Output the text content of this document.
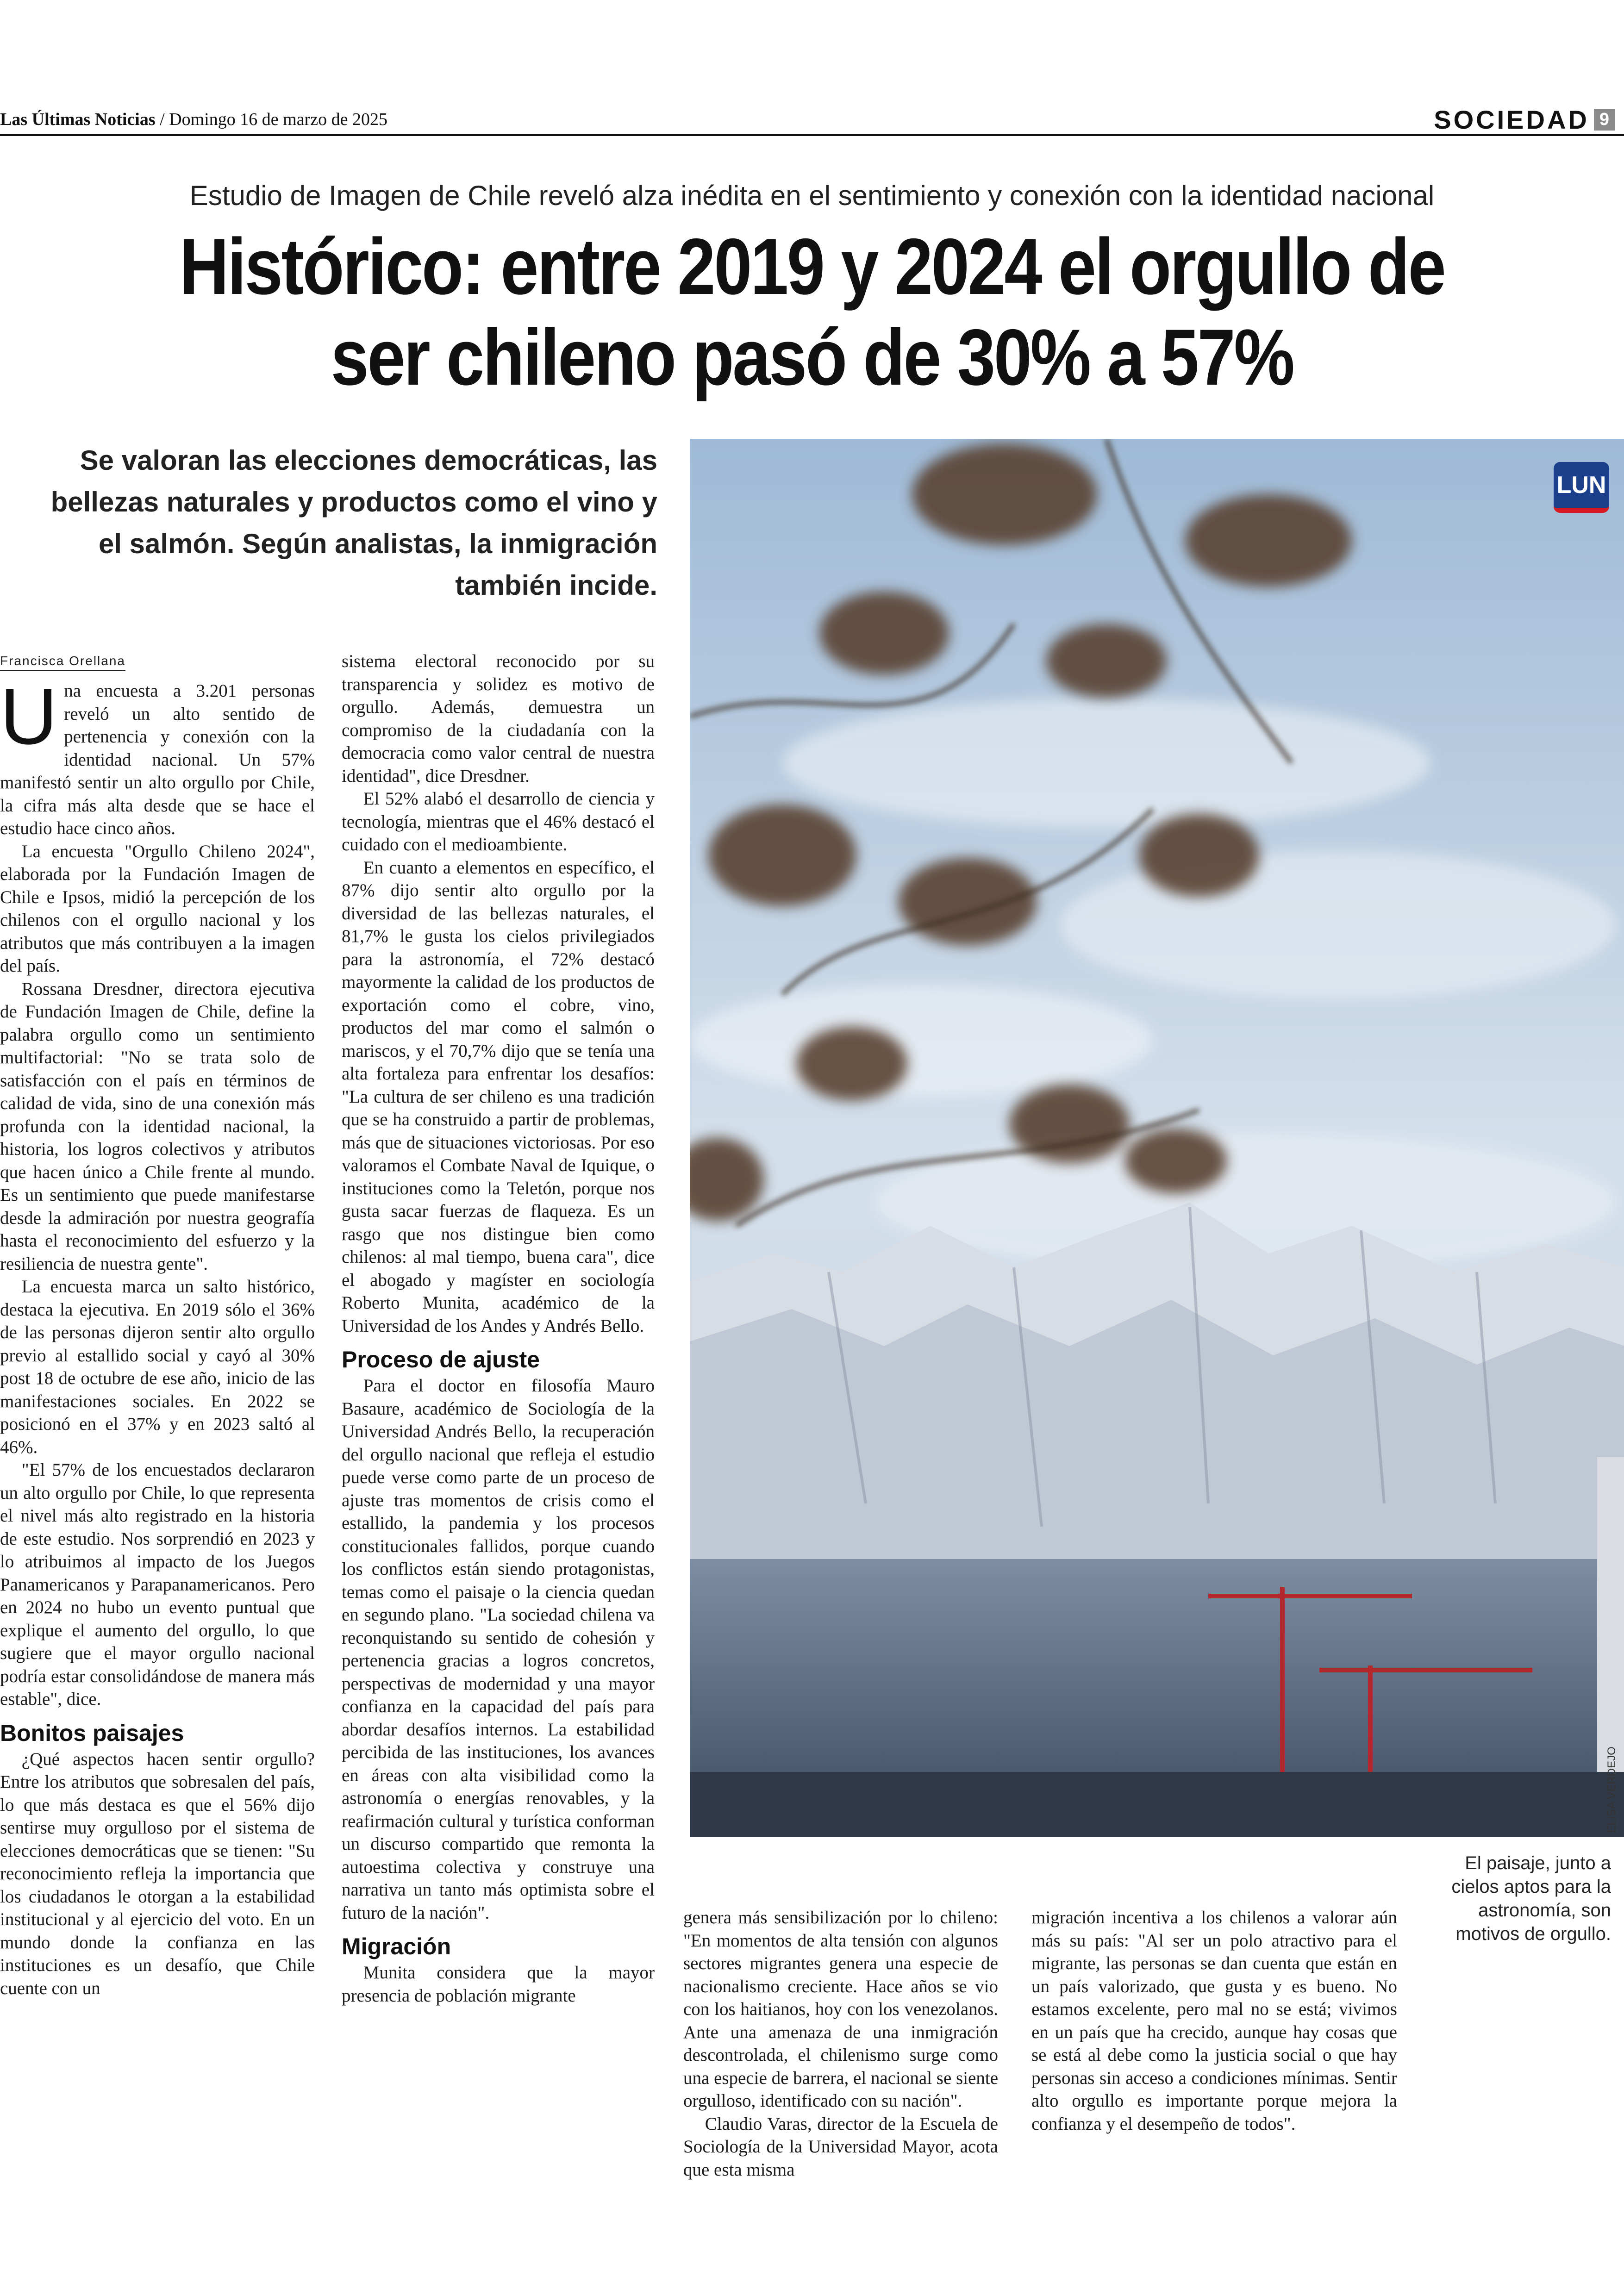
Las Últimas Noticias / Domingo 16 de marzo de 2025	SOCIEDAD 9
Estudio de Imagen de Chile reveló alza inédita en el sentimiento y conexión con la identidad nacional
Histórico: entre 2019 y 2024 el orgullo de
ser chileno pasó de 30% a 57%
Se valoran las elecciones democráticas, las bellezas naturales y productos como el vino y el salmón. Según analistas, la inmigración también incide.
Francisca Orellana

Una encuesta a 3.201 personas reveló un alto sentido de pertenencia y conexión con la identidad nacional. Un 57% manifestó sentir un alto orgullo por Chile, la cifra más alta desde que se hace el estudio hace cinco años.

La encuesta "Orgullo Chileno 2024", elaborada por la Fundación Imagen de Chile e Ipsos, midió la percepción de los chilenos con el orgullo nacional y los atributos que más contribuyen a la imagen del país.

Rossana Dresdner, directora ejecutiva de Fundación Imagen de Chile, define la palabra orgullo como un sentimiento multifactorial: "No se trata solo de satisfacción con el país en términos de calidad de vida, sino de una conexión más profunda con la identidad nacional, la historia, los logros colectivos y atributos que hacen único a Chile frente al mundo. Es un sentimiento que puede manifestarse desde la admiración por nuestra geografía hasta el reconocimiento del esfuerzo y la resiliencia de nuestra gente".

La encuesta marca un salto histórico, destaca la ejecutiva. En 2019 sólo el 36% de las personas dijeron sentir alto orgullo previo al estallido social y cayó al 30% post 18 de octubre de ese año, inicio de las manifestaciones sociales. En 2022 se posicionó en el 37% y en 2023 saltó al 46%.

"El 57% de los encuestados declararon un alto orgullo por Chile, lo que representa el nivel más alto registrado en la historia de este estudio. Nos sorprendió en 2023 y lo atribuimos al impacto de los Juegos Panamericanos y Parapanamericanos. Pero en 2024 no hubo un evento puntual que explique el aumento del orgullo, lo que sugiere que el mayor orgullo nacional podría estar consolidándose de manera más estable", dice.

Bonitos paisajes

¿Qué aspectos hacen sentir orgullo? Entre los atributos que sobresalen del país, lo que más destaca es que el 56% dijo sentirse muy orgulloso por el sistema de elecciones democráticas que se tienen: "Su reconocimiento refleja la importancia que los ciudadanos le otorgan a la estabilidad institucional y al ejercicio del voto. En un mundo donde la confianza en las instituciones es un desafío, que Chile cuente con un

sistema electoral reconocido por su transparencia y solidez es motivo de orgullo. Además, demuestra un compromiso de la ciudadanía con la democracia como valor central de nuestra identidad", dice Dresdner.

El 52% alabó el desarrollo de ciencia y tecnología, mientras que el 46% destacó el cuidado con el medioambiente.

En cuanto a elementos en específico, el 87% dijo sentir alto orgullo por la diversidad de las bellezas naturales, el 81,7% le gusta los cielos privilegiados para la astronomía, el 72% destacó mayormente la calidad de los productos de exportación como el cobre, vino, productos del mar como el salmón o mariscos, y el 70,7% dijo que se tenía una alta fortaleza para enfrentar los desafíos: "La cultura de ser chileno es una tradición que se ha construido a partir de problemas, más que de situaciones victoriosas. Por eso valoramos el Combate Naval de Iquique, o instituciones como la Teletón, porque nos gusta sacar fuerzas de flaqueza. Es un rasgo que nos distingue bien como chilenos: al mal tiempo, buena cara", dice el abogado y magíster en sociología Roberto Munita, académico de la Universidad de los Andes y Andrés Bello.

Proceso de ajuste

Para el doctor en filosofía Mauro Basaure, académico de Sociología de la Universidad Andrés Bello, la recuperación del orgullo nacional que refleja el estudio puede verse como parte de un proceso de ajuste tras momentos de crisis como el estallido, la pandemia y los procesos constitucionales fallidos, porque cuando los conflictos están siendo protagonistas, temas como el paisaje o la ciencia quedan en segundo plano. "La sociedad chilena va reconquistando su sentido de cohesión y pertenencia gracias a logros concretos, perspectivas de modernidad y una mayor confianza en la capacidad del país para abordar desafíos internos. La estabilidad percibida de las instituciones, los avances en áreas con alta visibilidad como la astronomía o energías renovables, y la reafirmación cultural y turística conforman un discurso compartido que remonta la autoestima colectiva y construye una narrativa un tanto más optimista sobre el futuro de la nación".

Migración

Munita considera que la mayor presencia de población migrante

genera más sensibilización por lo chileno: "En momentos de alta tensión con algunos sectores migrantes genera una especie de nacionalismo creciente. Hace años se vio con los haitianos, hoy con los venezolanos. Ante una amenaza de una inmigración descontrolada, el chilenismo surge como una especie de barrera, el nacional se siente orgulloso, identificado con su nación".

Claudio Varas, director de la Escuela de Sociología de la Universidad Mayor, acota que esta misma

migración incentiva a los chilenos a valorar aún más su país: "Al ser un polo atractivo para el migrante, las personas se dan cuenta que están en un país valorizado, que gusta y es bueno. No estamos excelente, pero mal no se está; vivimos en un país que ha crecido, aunque hay cosas que se está al debe como la justicia social o que hay personas sin acceso a condiciones mínimas. Sentir alto orgullo es importante porque mejora la confianza y el desempeño de todos".

LUN
ELISA VERDEJO
El paisaje, junto a cielos aptos para la astronomía, son motivos de orgullo.
